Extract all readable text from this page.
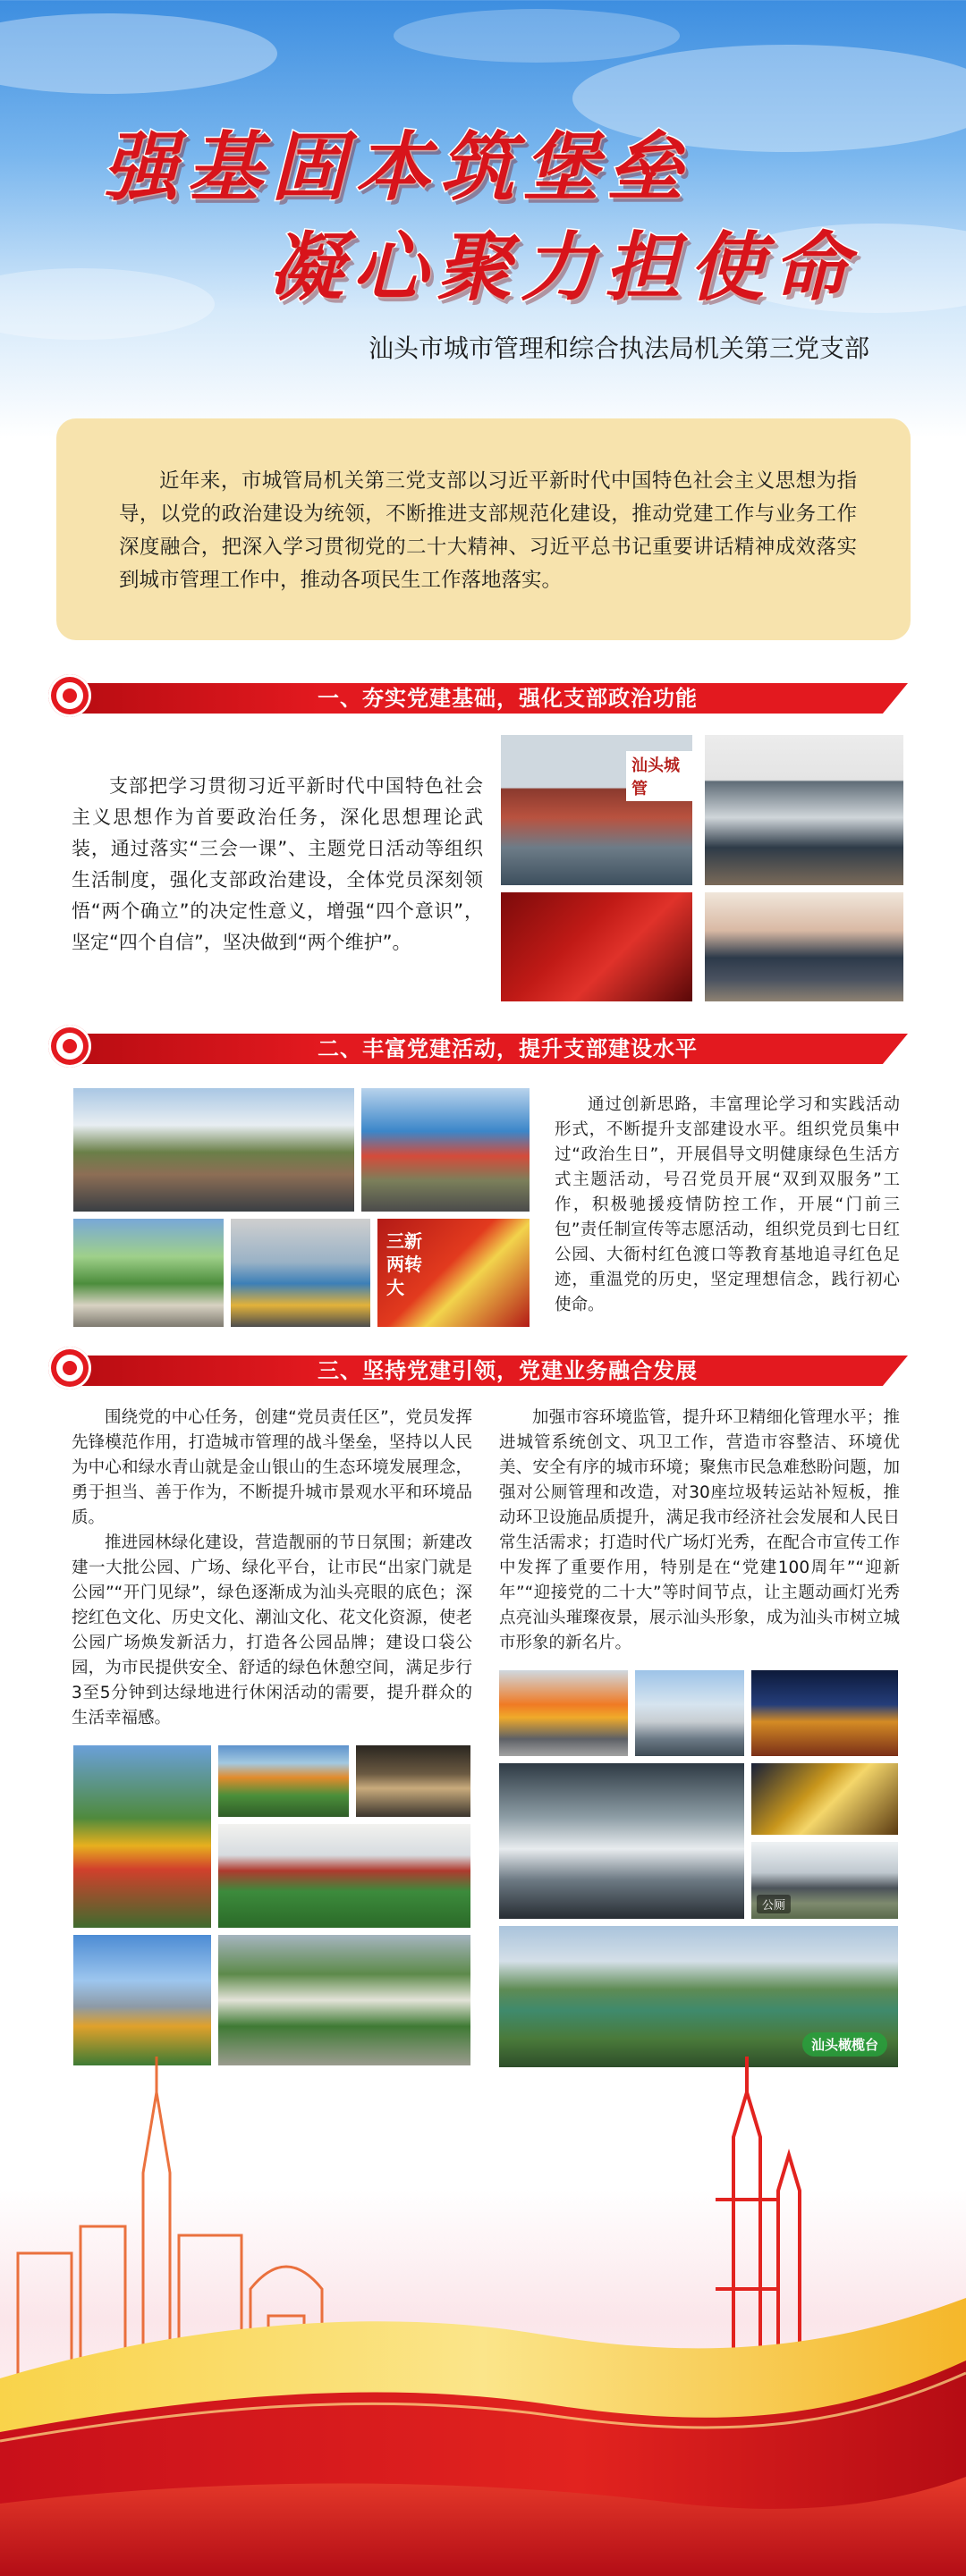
强基固本筑堡垒
凝心聚力担使命
汕头市城市管理和综合执法局机关第三党支部
近年来，市城管局机关第三党支部以习近平新时代中国特色社会主义思想为指导，以党的政治建设为统领，不断推进支部规范化建设，推动党建工作与业务工作深度融合，把深入学习贯彻党的二十大精神、习近平总书记重要讲话精神成效落实到城市管理工作中，推动各项民生工作落地落实。
一、夯实党建基础，强化支部政治功能
支部把学习贯彻习近平新时代中国特色社会主义思想作为首要政治任务，深化思想理论武装，通过落实“三会一课”、主题党日活动等组织生活制度，强化支部政治建设，全体党员深刻领悟“两个确立”的决定性意义，增强“四个意识”，坚定“四个自信”，坚决做到“两个维护”。
汕头城管
二、丰富党建活动，提升支部建设水平
三新 两转 大
通过创新思路，丰富理论学习和实践活动形式，不断提升支部建设水平。组织党员集中过“政治生日”，开展倡导文明健康绿色生活方式主题活动，号召党员开展“双到双服务”工作，积极驰援疫情防控工作，开展“门前三包”责任制宣传等志愿活动，组织党员到七日红公园、大衙村红色渡口等教育基地追寻红色足迹，重温党的历史，坚定理想信念，践行初心使命。
三、坚持党建引领，党建业务融合发展
围绕党的中心任务，创建“党员责任区”，党员发挥先锋模范作用，打造城市管理的战斗堡垒，坚持以人民为中心和绿水青山就是金山银山的生态环境发展理念，勇于担当、善于作为，不断提升城市景观水平和环境品质。
推进园林绿化建设，营造靓丽的节日氛围；新建改建一大批公园、广场、绿化平台，让市民“出家门就是公园”“开门见绿”，绿色逐渐成为汕头亮眼的底色；深挖红色文化、历史文化、潮汕文化、花文化资源，使老公园广场焕发新活力，打造各公园品牌；建设口袋公园，为市民提供安全、舒适的绿色休憩空间，满足步行3至5分钟到达绿地进行休闲活动的需要，提升群众的生活幸福感。
加强市容环境监管，提升环卫精细化管理水平；推进城管系统创文、巩卫工作，营造市容整洁、环境优美、安全有序的城市环境；聚焦市民急难愁盼问题，加强对公厕管理和改造，对30座垃圾转运站补短板，推动环卫设施品质提升，满足我市经济社会发展和人民日常生活需求；打造时代广场灯光秀，在配合市宣传工作中发挥了重要作用，特别是在“党建100周年”“迎新年”“迎接党的二十大”等时间节点，让主题动画灯光秀点亮汕头璀璨夜景，展示汕头形象，成为汕头市树立城市形象的新名片。
公厕
汕头橄榄台
